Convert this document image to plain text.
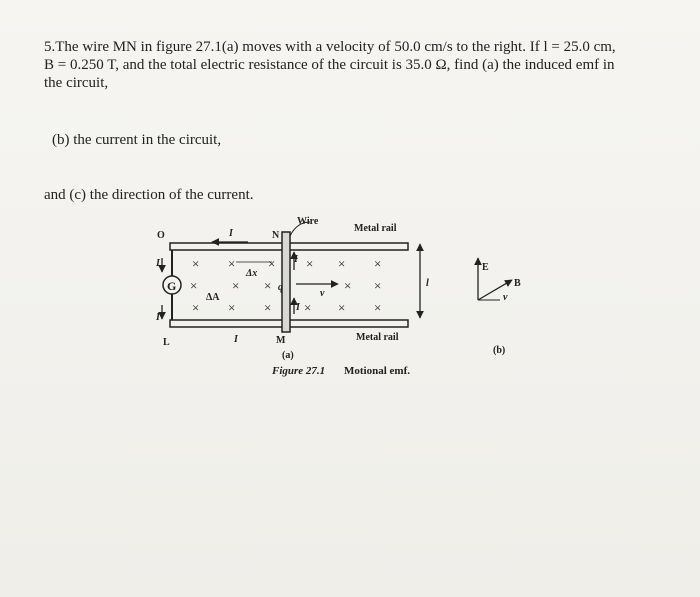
5.The wire MN in figure 27.1(a) moves with a velocity of 50.0 cm/s to the right. If l = 25.0 cm,
B = 0.250 T, and the total electric resistance of the circuit is 35.0 Ω, find (a) the induced emf in
the circuit,
(b) the current in the circuit,
and (c) the direction of the current.
G
× ×	× × × ×
×	× ×	× ×
× × ×	× × ×
O	I	N
Wire
Metal rail
I
I
Δx
ΔA
q
v
I
I
l
L	I	M	Metal rail
(a)
Figure 27.1 Motional emf.
E
B
v
(b)
